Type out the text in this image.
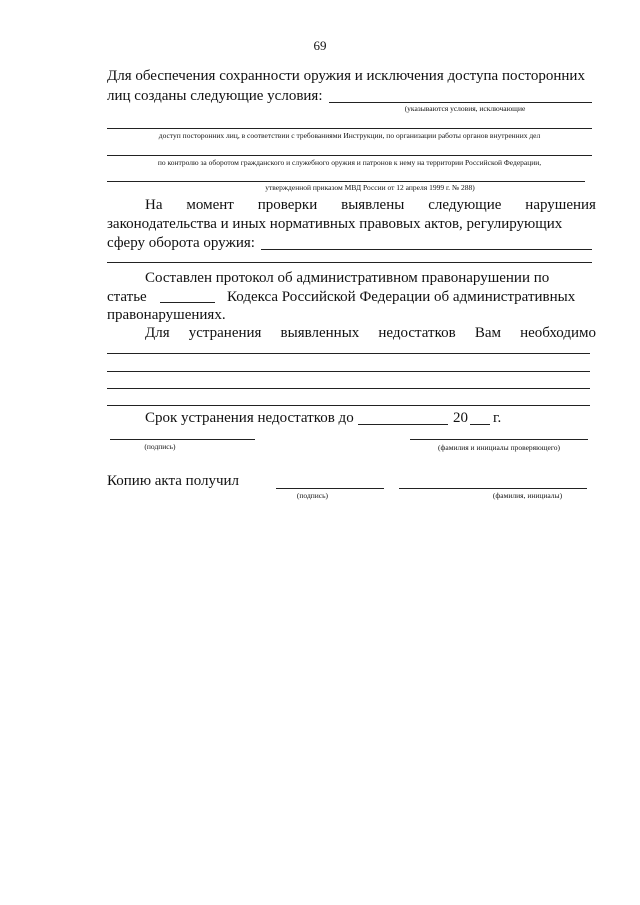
69
Для обеспечения сохранности оружия и исключения доступа посторонних
лиц созданы следующие условия:
(указываются условия, исключающие
доступ посторонних лиц, в соответствии с требованиями Инструкции, по организации работы органов внутренних дел
по контролю за оборотом гражданского и служебного оружия и патронов к нему на территории Российской Федерации,
утвержденной приказом МВД России от 12 апреля 1999 г. № 288)
На момент проверки выявлены следующие нарушения
законодательства и иных нормативных правовых актов, регулирующих
сферу оборота оружия:
Составлен протокол об административном правонарушении по
статье	Кодекса Российской Федерации об административных
правонарушениях.
Для устранения выявленных недостатков Вам необходимо
Срок устранения недостатков до	20 г.
(подпись)	(фамилия и инициалы проверяющего)
Копию акта получил
(подпись)	(фамилия, инициалы)
